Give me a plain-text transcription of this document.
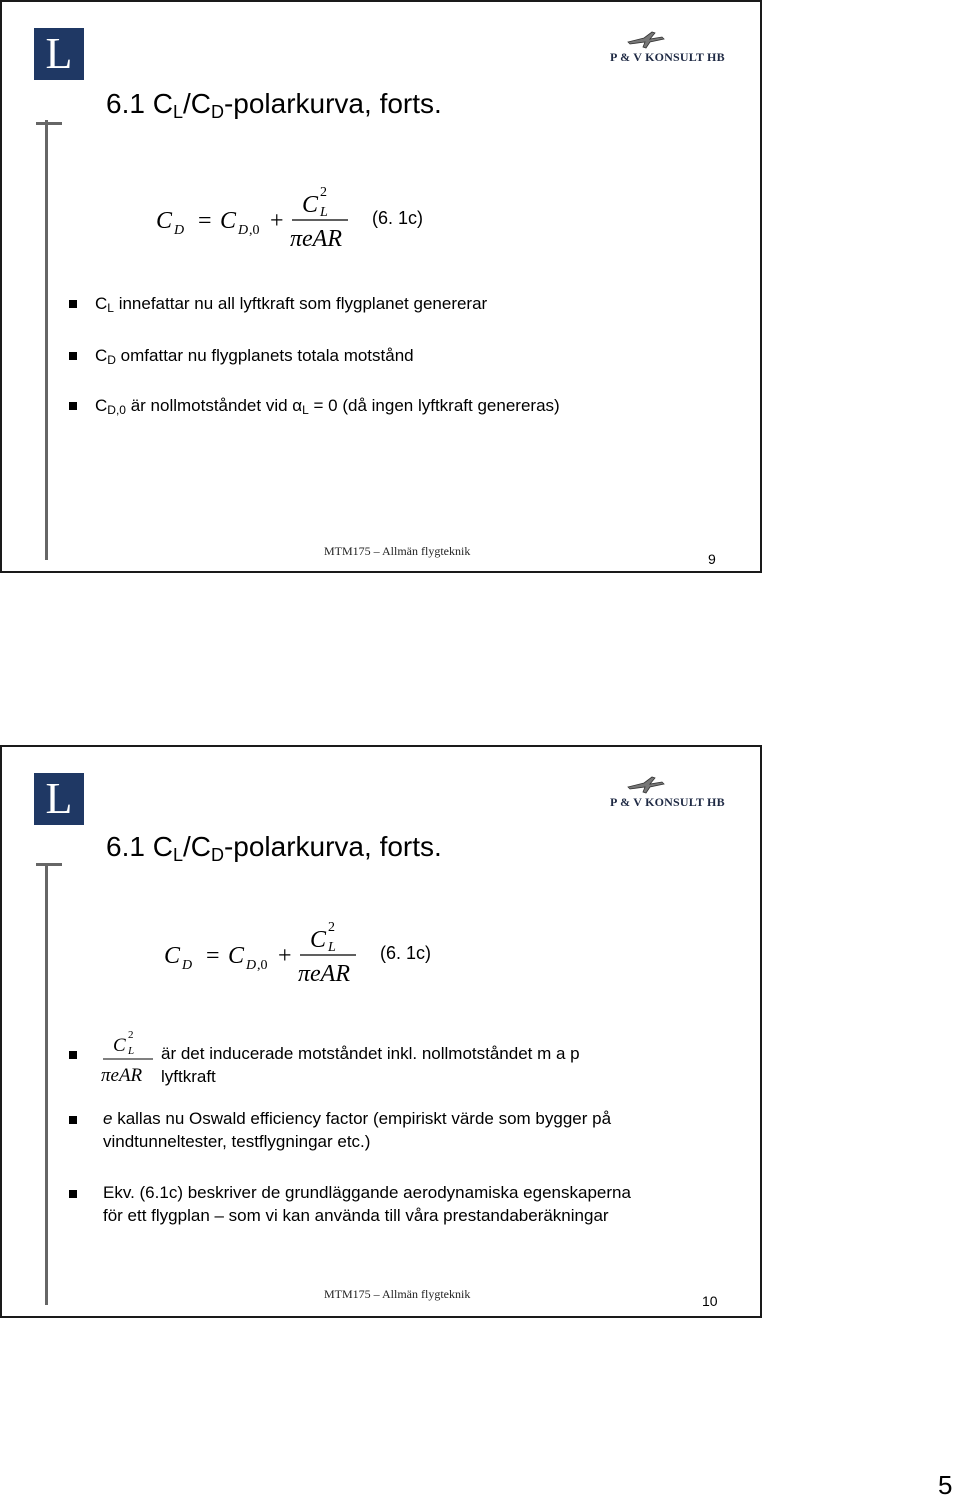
L	P & V KONSULT HB
6.1 $C_L/C_D$-polarkurva, forts.
C D = C D ,0 +
C 2
L
πeAR
(6. 1c)
$C_L$ innefattar nu all lyftkraft som flygplanet genererar
$C_D$ omfattar nu flygplanets totala motstånd
$C_{D,0}$ är nollmotståndet vid $\alpha_L = 0$ (då ingen lyftkraft genereras)
MTM175 – Allmän flygteknik	9
L	P & V KONSULT HB
6.1 $C_L/C_D$-polarkurva, forts.
C D = C D ,0 +
C 2
L
πeAR
(6. 1c)
C 2
L
πeAR
är det inducerade motståndet inkl. nollmotståndet m a p
lyftkraft
e kallas nu Oswald efficiency factor (empiriskt värde som bygger på
vindtunneltester, testflygningar etc.)
Ekv. (6.1c) beskriver de grundläggande aerodynamiska egenskaperna
för ett flygplan – som vi kan använda till våra prestandaberäkningar
MTM175 – Allmän flygteknik	10
5
